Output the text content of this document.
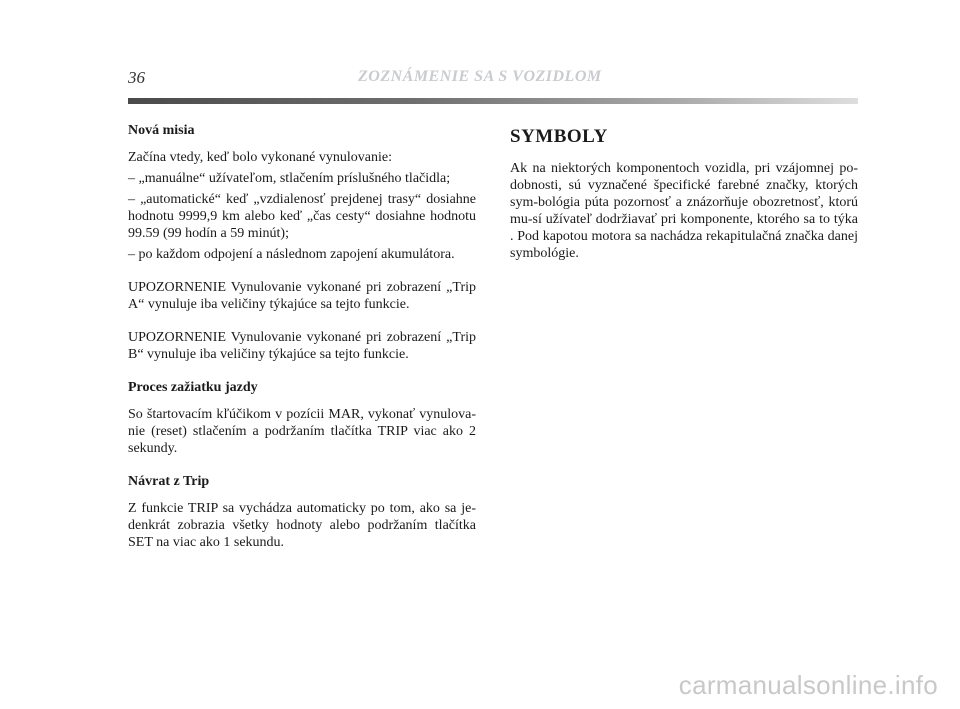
36	ZOZNÁMENIE SA S VOZIDLOM
Nová misia

Začína vtedy, keď bolo vykonané vynulovanie:

– „manuálne“ užívateľom, stlačením príslušného tlačidla;

– „automatické“ keď „vzdialenosť prejdenej trasy“ dosiahne hodnotu 9999,9 km alebo keď „čas cesty“ dosiahne hodnotu 99.59 (99 hodín a 59 minút);

– po každom odpojení a následnom zapojení akumulátora.

UPOZORNENIE Vynulovanie vykonané pri zobrazení „Trip A“ vynuluje iba veličiny týkajúce sa tejto funkcie.

UPOZORNENIE Vynulovanie vykonané pri zobrazení „Trip B“ vynuluje iba veličiny týkajúce sa tejto funkcie.

Proces zažiatku jazdy

So štartovacím kľúčikom v pozícii MAR, vykonať vynulova-nie (reset) stlačením a podržaním tlačítka TRIP viac ako 2 sekundy.

Návrat z Trip

Z funkcie TRIP sa vychádza automaticky po tom, ako sa je-denkrát zobrazia všetky hodnoty alebo podržaním tlačítka SET na viac ako 1 sekundu.

SYMBOLY

Ak na niektorých komponentoch vozidla, pri vzájomnej po-dobnosti, sú vyznačené špecifické farebné značky, ktorých sym-bológia púta pozornosť a znázorňuje obozretnosť, ktorú mu-sí užívateľ dodržiavať pri komponente, ktorého sa to týka . Pod kapotou motora sa nachádza rekapitulačná značka danej symbológie.

carmanualsonline.info
